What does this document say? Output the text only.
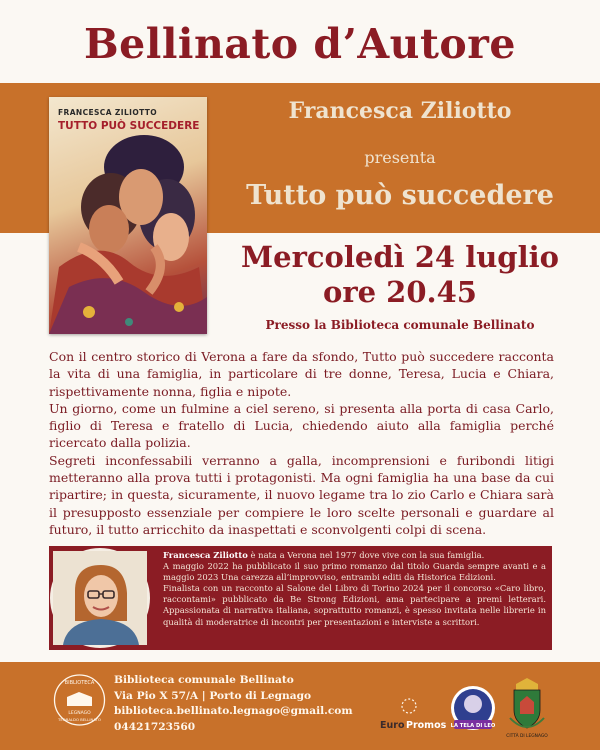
Bellinato d’Autore
FRANCESCA ZILIOTTO
TUTTO PUÒ SUCCEDERE
Francesca Ziliotto
presenta
Tutto può succedere
Mercoledì 24 luglio
ore 20.45
Presso la Biblioteca comunale Bellinato

Con il centro storico di Verona a fare da sfondo, Tutto può succedere racconta la vita di una famiglia, in particolare di tre donne, Teresa, Lucia e Chiara, rispettivamente nonna, figlia e nipote.

Un giorno, come un fulmine a ciel sereno, si presenta alla porta di casa Carlo, figlio di Teresa e fratello di Lucia, chiedendo aiuto alla famiglia perché ricercato dalla polizia.

Segreti inconfessabili verranno a galla, incomprensioni e furibondi litigi metteranno alla prova tutti i protagonisti. Ma ogni famiglia ha una base da cui ripartire; in questa, sicuramente, il nuovo legame tra lo zio Carlo e Chiara sarà il presupposto essenziale per compiere le loro scelte personali e guardare al futuro, il tutto arricchito da inaspettati e sconvolgenti colpi di scena.

Francesca Ziliotto è nata a Verona nel 1977 dove vive con la sua famiglia.

A maggio 2022 ha pubblicato il suo primo romanzo dal titolo Guarda sempre avanti e a maggio 2023 Una carezza all’improvviso, entrambi editi da Historica Edizioni.

Finalista con un racconto al Salone del Libro di Torino 2024 per il concorso «Caro libro, raccontami» pubblicato da Be Strong Edizioni, ama partecipare a premi letterari. Appassionata di narrativa italiana, soprattutto romanzi, è spesso invitata nelle librerie in qualità di moderatrice di incontri per presentazioni e interviste a scrittori.

BIBLIOTECA
LEGNAGO
TEOBALDO BELLINATO
Biblioteca comunale Bellinato
Via Pio X 57/A | Porto di Legnago
biblioteca.bellinato.legnago@gmail.com
04421723560	Euro Promos LA TELA DI LEO
CITTÀ DI LEGNAGO
